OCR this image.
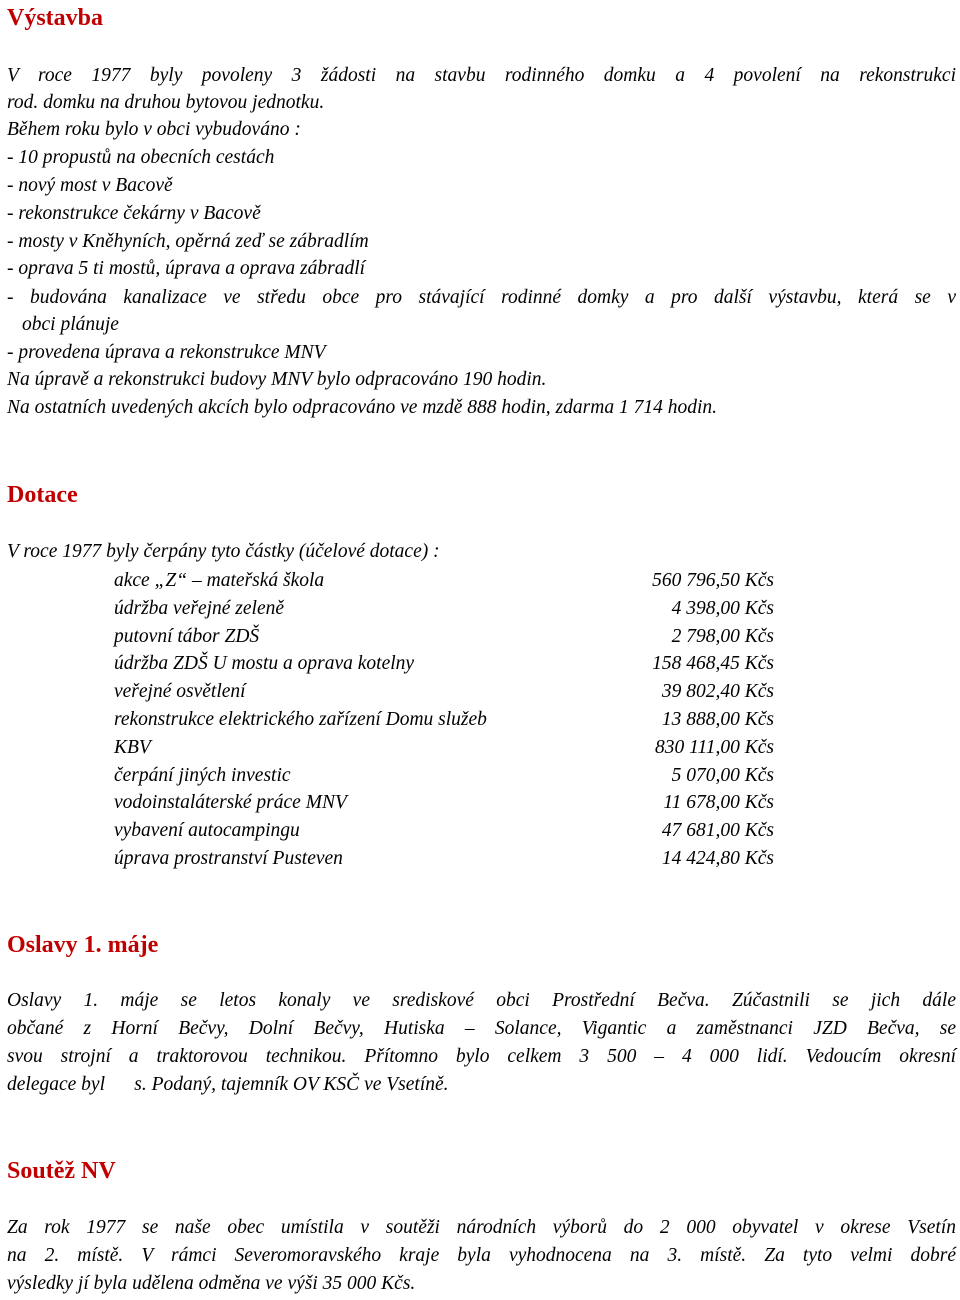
Výstavba
V roce 1977 byly povoleny 3 žádosti na stavbu rodinného domku a 4 povolení na rekonstrukci
rod. domku na druhou bytovou jednotku.
Během roku bylo v obci vybudováno :
- 10 propustů na obecních cestách
- nový most v Bacově
- rekonstrukce čekárny v Bacově
- mosty v Kněhyních, opěrná zeď se zábradlím
- oprava 5 ti mostů, úprava a oprava zábradlí
- budována kanalizace ve středu obce pro stávající rodinné domky a pro další výstavbu, která se v
obci plánuje
- provedena úprava a rekonstrukce MNV
Na úpravě a rekonstrukci budovy MNV bylo odpracováno 190 hodin.
Na ostatních uvedených akcích bylo odpracováno ve mzdě 888 hodin, zdarma 1 714 hodin.
Dotace
V roce 1977 byly čerpány tyto částky (účelové dotace) :
akce „Z“ – mateřská škola	560 796,50 Kčs
údržba veřejné zeleně	4 398,00 Kčs
putovní tábor ZDŠ	2 798,00 Kčs
údržba ZDŠ U mostu a oprava kotelny	158 468,45 Kčs
veřejné osvětlení	39 802,40 Kčs
rekonstrukce elektrického zařízení Domu služeb	13 888,00 Kčs
KBV	830 111,00 Kčs
čerpání jiných investic	5 070,00 Kčs
vodoinstaláterské práce MNV	11 678,00 Kčs
vybavení autocampingu	47 681,00 Kčs
úprava prostranství Pusteven	14 424,80 Kčs
Oslavy 1. máje
Oslavy 1. máje se letos konaly ve srediskové obci Prostřední Bečva. Zúčastnili se jich dále
občané z Horní Bečvy, Dolní Bečvy, Hutiska – Solance, Vigantic a zaměstnanci JZD Bečva, se
svou strojní a traktorovou technikou. Přítomno bylo celkem 3 500 – 4 000 lidí. Vedoucím okresní
delegace byl      s. Podaný, tajemník OV KSČ ve Vsetíně.
Soutěž NV
Za rok 1977 se naše obec umístila v soutěži národních výborů do 2 000 obyvatel v okrese Vsetín
na 2. místě. V rámci Severomoravského kraje byla vyhodnocena na 3. místě. Za tyto velmi dobré
výsledky jí byla udělena odměna ve výši 35 000 Kčs.
